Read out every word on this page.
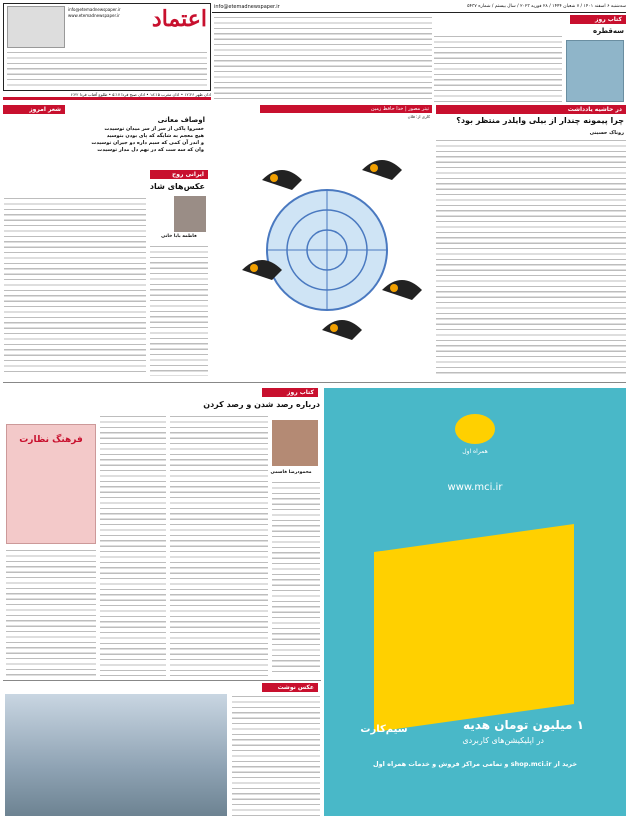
اعتماد
info@etemadnewspaper.ir
www.etemadnewspaper.ir
اذان ظهر ۱۲:۲۶ • اذان مغرب ۱۸:۱۵ • اذان صبح فردا ۵:۱۷ • طلوع آفتاب فردا ۶:۴۲
info@etemadnewspaper.ir	سه‌شنبه ۶ اسفند ۱۴۰۱ / ۷ شعبان ۱۴۴۴ / ۲۸ فوریه ۲۰۲۳ / سال بیستم / شماره ۵۴۳۷
کتاب روز
سه‌قطره
در حاشیه یادداشت
چرا پیمونه چندار از بیلی وایلدر منتظر بود؟
روناک حسینی
تیتر مصور | خدا حافظ زمین
کاری از: فلان
شعر امروز
اوصاف معانی
خسروا پاکی از سر از سر میدان توسیدت
هیچ معجم به شایگه که پای بودن بتوسید
و اندر آن کمی که سیم داره دو جیران توسیدت
وان که سه ست که در نهم دل مدار توسیدت
ایرانی روح
عکس‌های شاد
فاطمه بابا خانی
همراه اول
www.mci.ir
۱ میلیون تومان هدیه
در اپلیکیشن‌های کاربردی
سیم‌کارت
خرید از shop.mci.ir و تمامی مراکز فروش و خدمات همراه اول
کتاب روز
درباره رصد شدن و رصد کردن
محمودرضا قاسمی
فرهنگ نظارت
عکس نوشت
